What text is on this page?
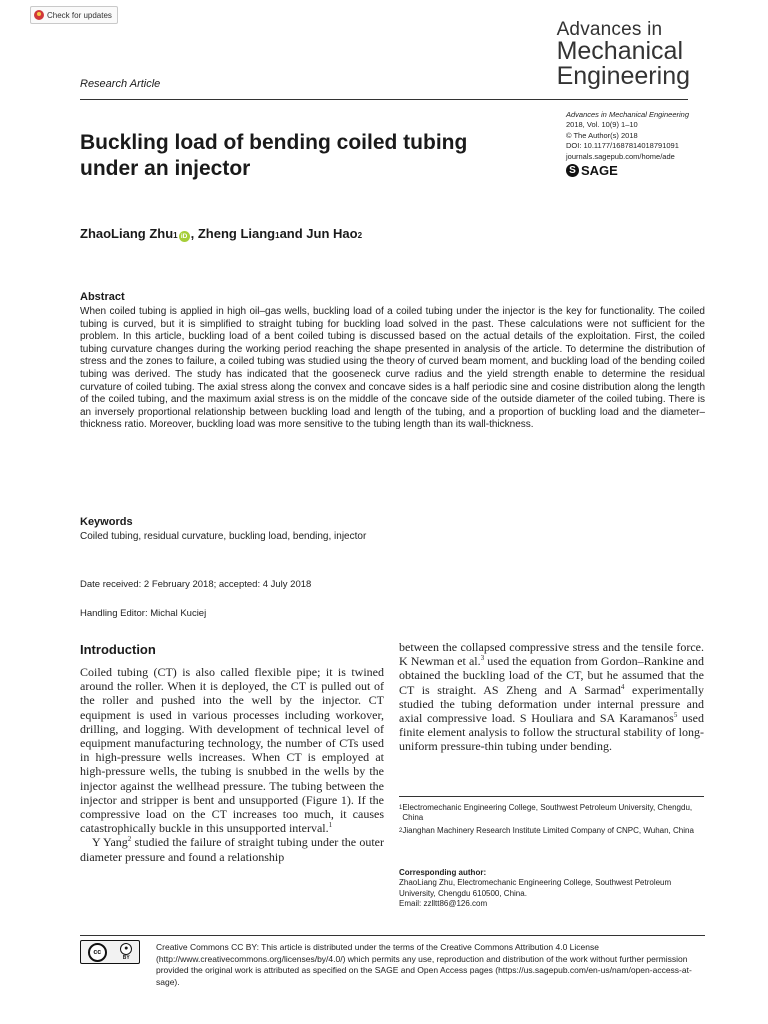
Check for updates
Advances in
Mechanical
Engineering
Research Article
Advances in Mechanical Engineering
2018, Vol. 10(9) 1–10
© The Author(s) 2018
DOI: 10.1177/1687814018791091
journals.sagepub.com/home/ade
S SAGE
Buckling load of bending coiled tubing under an injector
ZhaoLiang Zhu 1 iD , Zheng Liang 1 and Jun Hao 2
Abstract
When coiled tubing is applied in high oil–gas wells, buckling load of a coiled tubing under the injector is the key for functionality. The coiled tubing is curved, but it is simplified to straight tubing for buckling load solved in the past. These calculations were not sufficient for the problem. In this article, buckling load of a bent coiled tubing is discussed based on the actual details of the exploitation. First, the coiled tubing curvature changes during the working period reaching the shape presented in analysis of the article. To determine the distribution of stress and the zones to failure, a coiled tubing was studied using the theory of curved beam moment, and buckling load of the bending coiled tubing was derived. The study has indicated that the gooseneck curve radius and the yield strength enable to determine the residual curvature of coiled tubing. The axial stress along the convex and concave sides is a half periodic sine and cosine distribution along the length of the coiled tubing, and the maximum axial stress is on the middle of the concave side of the outside diameter of the coiled tubing. There is an inversely proportional relationship between buckling load and length of the tubing, and a proportion of buckling load and the diameter–thickness ratio. Moreover, buckling load was more sensitive to the tubing length than its wall-thickness.
Keywords
Coiled tubing, residual curvature, buckling load, bending, injector
Date received: 2 February 2018; accepted: 4 July 2018
Handling Editor: Michal Kuciej
Introduction

Coiled tubing (CT) is also called flexible pipe; it is twined around the roller. When it is deployed, the CT is pulled out of the roller and pushed into the well by the injector. CT equipment is used in various processes including workover, drilling, and logging. With development of technical level of equipment manufacturing technology, the number of CTs used in high-pressure wells increases. When CT is employed at high-pressure wells, the tubing is snubbed in the wells by the injector against the wellhead pressure. The tubing between the injector and stripper is bent and unsupported (Figure 1). If the compressive load on the CT increases too much, it causes catastrophically buckle in this unsupported interval.$^1$

Y Yang$^2$ studied the failure of straight tubing under the outer diameter pressure and found a relationship

between the collapsed compressive stress and the tensile force. K Newman et al.$^3$ used the equation from Gordon–Rankine and obtained the buckling load of the CT, but he assumed that the CT is straight. AS Zheng and A Sarmad$^4$ experimentally studied the tubing deformation under internal pressure and axial compressive load. S Houliara and SA Karamanos$^5$ used finite element analysis to follow the structural stability of long-uniform pressure-thin tubing under bending.

1 Electromechanic Engineering College, Southwest Petroleum University, Chengdu, China
2 Jianghan Machinery Research Institute Limited Company of CNPC, Wuhan, China
Corresponding author:
ZhaoLiang Zhu, Electromechanic Engineering College, Southwest Petroleum University, Chengdu 610500, China.
Email: zzlltt86@126.com
Creative Commons CC BY: This article is distributed under the terms of the Creative Commons Attribution 4.0 License (http://www.creativecommons.org/licenses/by/4.0/) which permits any use, reproduction and distribution of the work without further permission provided the original work is attributed as specified on the SAGE and Open Access pages (https://us.sagepub.com/en-us/nam/open-access-at-sage).
cc	●
BY
